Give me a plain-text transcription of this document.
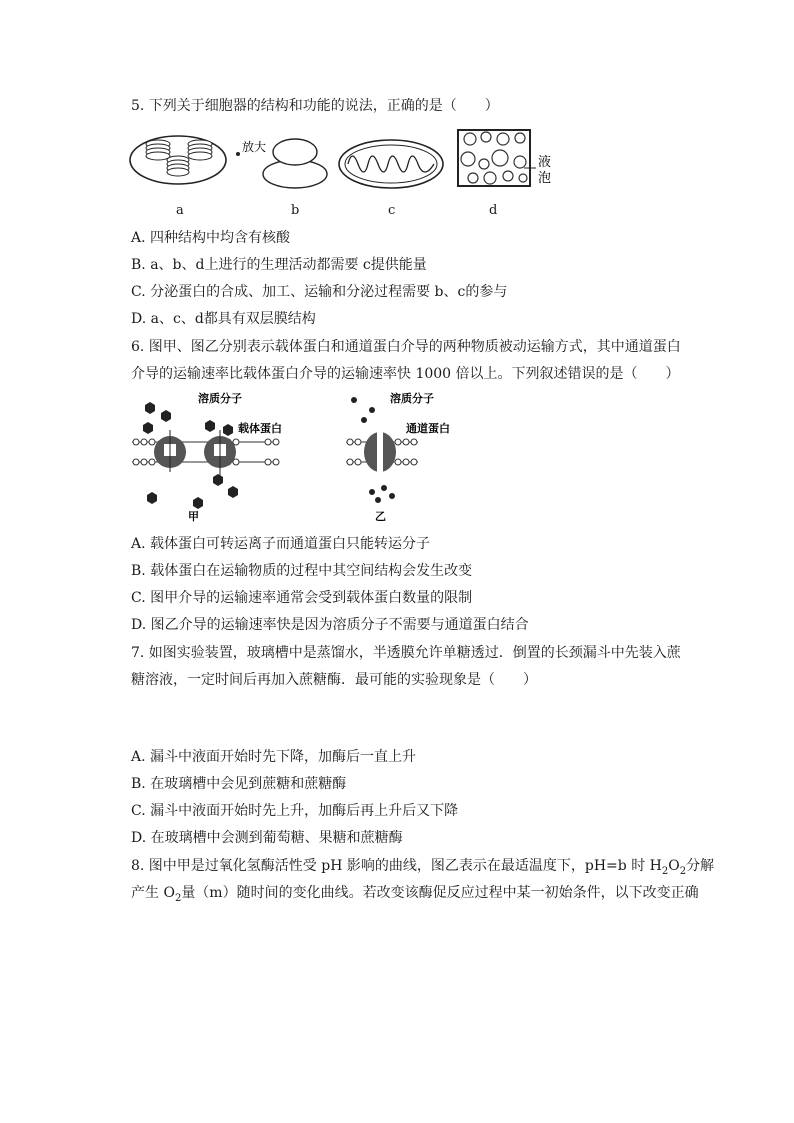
5. 下列关于细胞器的结构和功能的说法，正确的是（　　）
放大
液
泡
a	b	c	d
A. 四种结构中均含有核酸
B. a、b、d上进行的生理活动都需要 c提供能量
C. 分泌蛋白的合成、加工、运输和分泌过程需要 b、c的参与
D. a、c、d都具有双层膜结构
6. 图甲、图乙分别表示载体蛋白和通道蛋白介导的两种物质被动运输方式，其中通道蛋白
介导的运输速率比载体蛋白介导的运输速率快 1000 倍以上。下列叙述错误的是（　　）
溶质分子
载体蛋白
甲
溶质分子
通道蛋白
乙
A. 载体蛋白可转运离子而通道蛋白只能转运分子
B. 载体蛋白在运输物质的过程中其空间结构会发生改变
C. 图甲介导的运输速率通常会受到载体蛋白数量的限制
D. 图乙介导的运输速率快是因为溶质分子不需要与通道蛋白结合
7. 如图实验装置，玻璃槽中是蒸馏水，半透膜允许单糖透过．倒置的长颈漏斗中先装入蔗
糖溶液，一定时间后再加入蔗糖酶．最可能的实验现象是（　　）
A. 漏斗中液面开始时先下降，加酶后一直上升
B. 在玻璃槽中会见到蔗糖和蔗糖酶
C. 漏斗中液面开始时先上升，加酶后再上升后又下降
D. 在玻璃槽中会测到葡萄糖、果糖和蔗糖酶
8. 图中甲是过氧化氢酶活性受 pH 影响的曲线，图乙表示在最适温度下，pH=b 时 $H_2O_2$分解
产生 $O_2$量（m）随时间的变化曲线。若改变该酶促反应过程中某一初始条件，以下改变正确
